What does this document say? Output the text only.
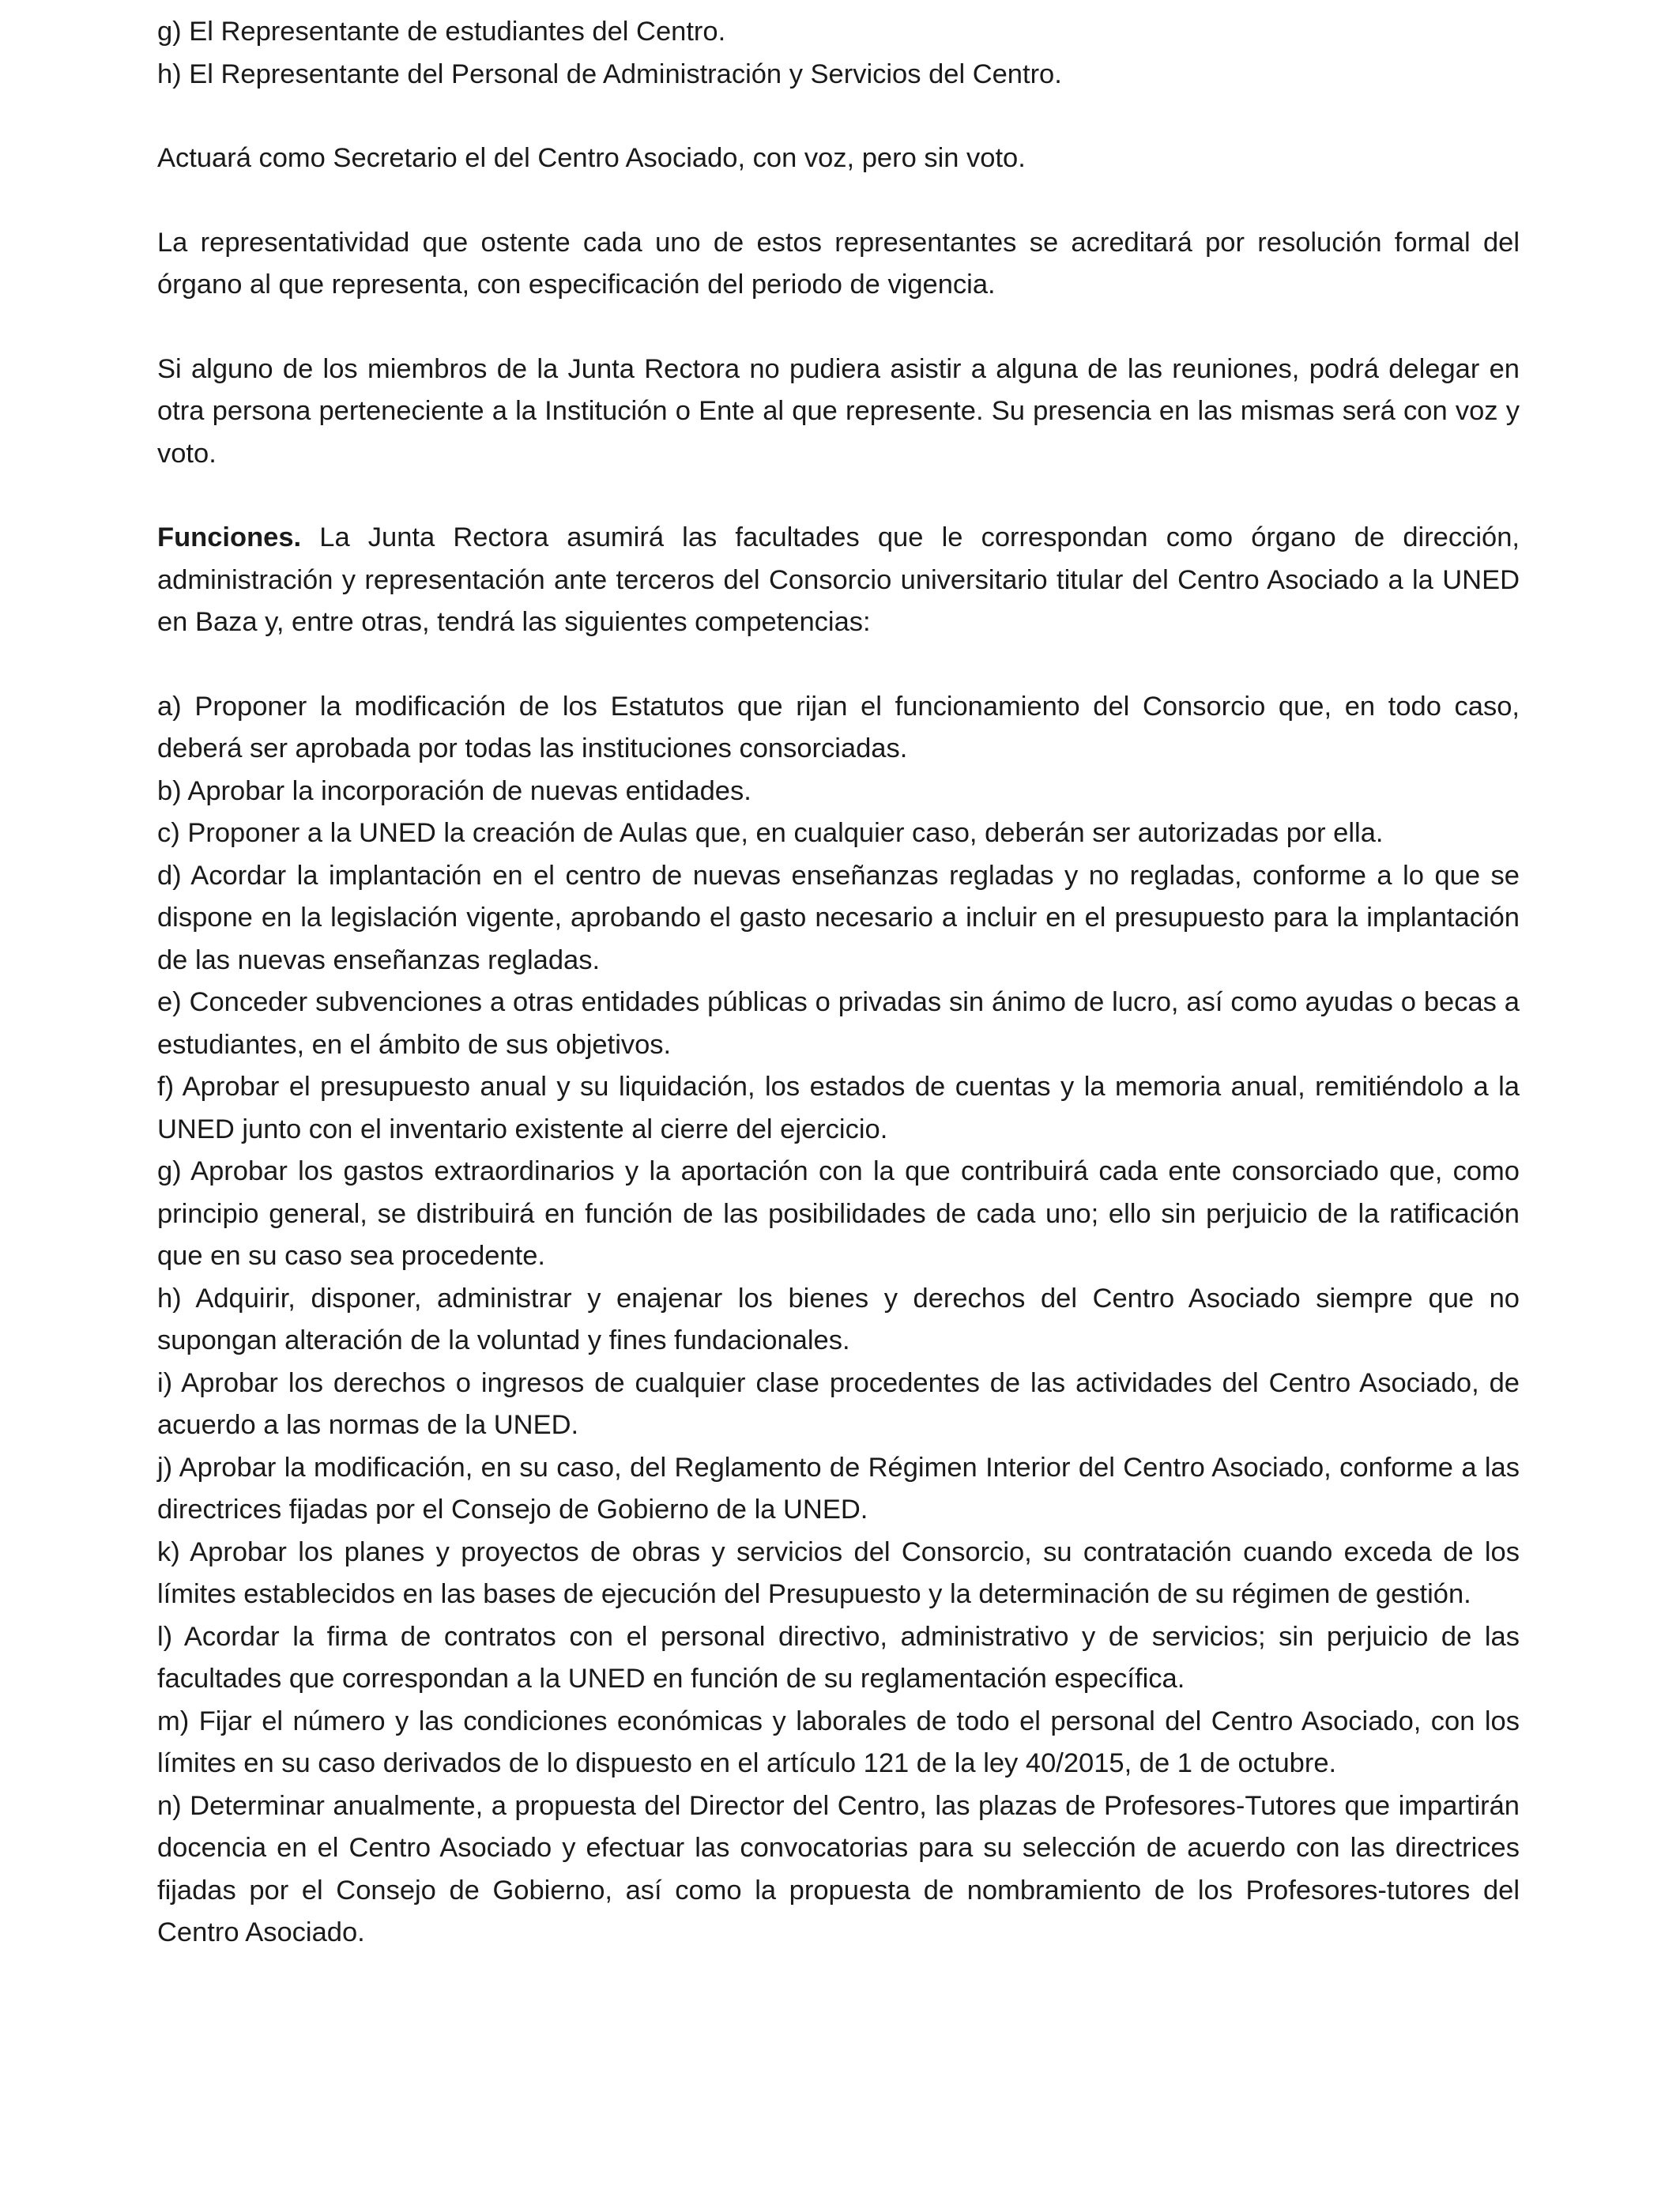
g) El Representante de estudiantes del Centro.

h) El Representante del Personal de Administración y Servicios del Centro.

Actuará como Secretario el del Centro Asociado, con voz, pero sin voto.

La representatividad que ostente cada uno de estos representantes se acreditará por resolución formal del órgano al que representa, con especificación del periodo de vigencia.

Si alguno de los miembros de la Junta Rectora no pudiera asistir a alguna de las reuniones, podrá delegar en otra persona perteneciente a la Institución o Ente al que represente. Su presencia en las mismas será con voz y voto.

Funciones. La Junta Rectora asumirá las facultades que le correspondan como órgano de dirección, administración y representación ante terceros del Consorcio universitario titular del Centro Asociado a la UNED en Baza y, entre otras, tendrá las siguientes competencias:

a) Proponer la modificación de los Estatutos que rijan el funcionamiento del Consorcio que, en todo caso, deberá ser aprobada por todas las instituciones consorciadas.

b) Aprobar la incorporación de nuevas entidades.

c) Proponer a la UNED la creación de Aulas que, en cualquier caso, deberán ser autorizadas por ella.

d) Acordar la implantación en el centro de nuevas enseñanzas regladas y no regladas, conforme a lo que se dispone en la legislación vigente, aprobando el gasto necesario a incluir en el presupuesto para la implantación de las nuevas enseñanzas regladas.

e) Conceder subvenciones a otras entidades públicas o privadas sin ánimo de lucro, así como ayudas o becas a estudiantes, en el ámbito de sus objetivos.

f) Aprobar el presupuesto anual y su liquidación, los estados de cuentas y la memoria anual, remitiéndolo a la UNED junto con el inventario existente al cierre del ejercicio.

g) Aprobar los gastos extraordinarios y la aportación con la que contribuirá cada ente consorciado que, como principio general, se distribuirá en función de las posibilidades de cada uno; ello sin perjuicio de la ratificación que en su caso sea procedente.

h) Adquirir, disponer, administrar y enajenar los bienes y derechos del Centro Asociado siempre que no supongan alteración de la voluntad y fines fundacionales.

i) Aprobar los derechos o ingresos de cualquier clase procedentes de las actividades del Centro Asociado, de acuerdo a las normas de la UNED.

j) Aprobar la modificación, en su caso, del Reglamento de Régimen Interior del Centro Asociado, conforme a las directrices fijadas por el Consejo de Gobierno de la UNED.

k) Aprobar los planes y proyectos de obras y servicios del Consorcio, su contratación cuando exceda de los límites establecidos en las bases de ejecución del Presupuesto y la determinación de su régimen de gestión.

l) Acordar la firma de contratos con el personal directivo, administrativo y de servicios; sin perjuicio de las facultades que correspondan a la UNED en función de su reglamentación específica.

m) Fijar el número y las condiciones económicas y laborales de todo el personal del Centro Asociado, con los límites en su caso derivados de lo dispuesto en el artículo 121 de la ley 40/2015, de 1 de octubre.

n) Determinar anualmente, a propuesta del Director del Centro, las plazas de Profesores-Tutores que impartirán docencia en el Centro Asociado y efectuar las convocatorias para su selección de acuerdo con las directrices fijadas por el Consejo de Gobierno, así como la propuesta de nombramiento de los Profesores-tutores del Centro Asociado.
